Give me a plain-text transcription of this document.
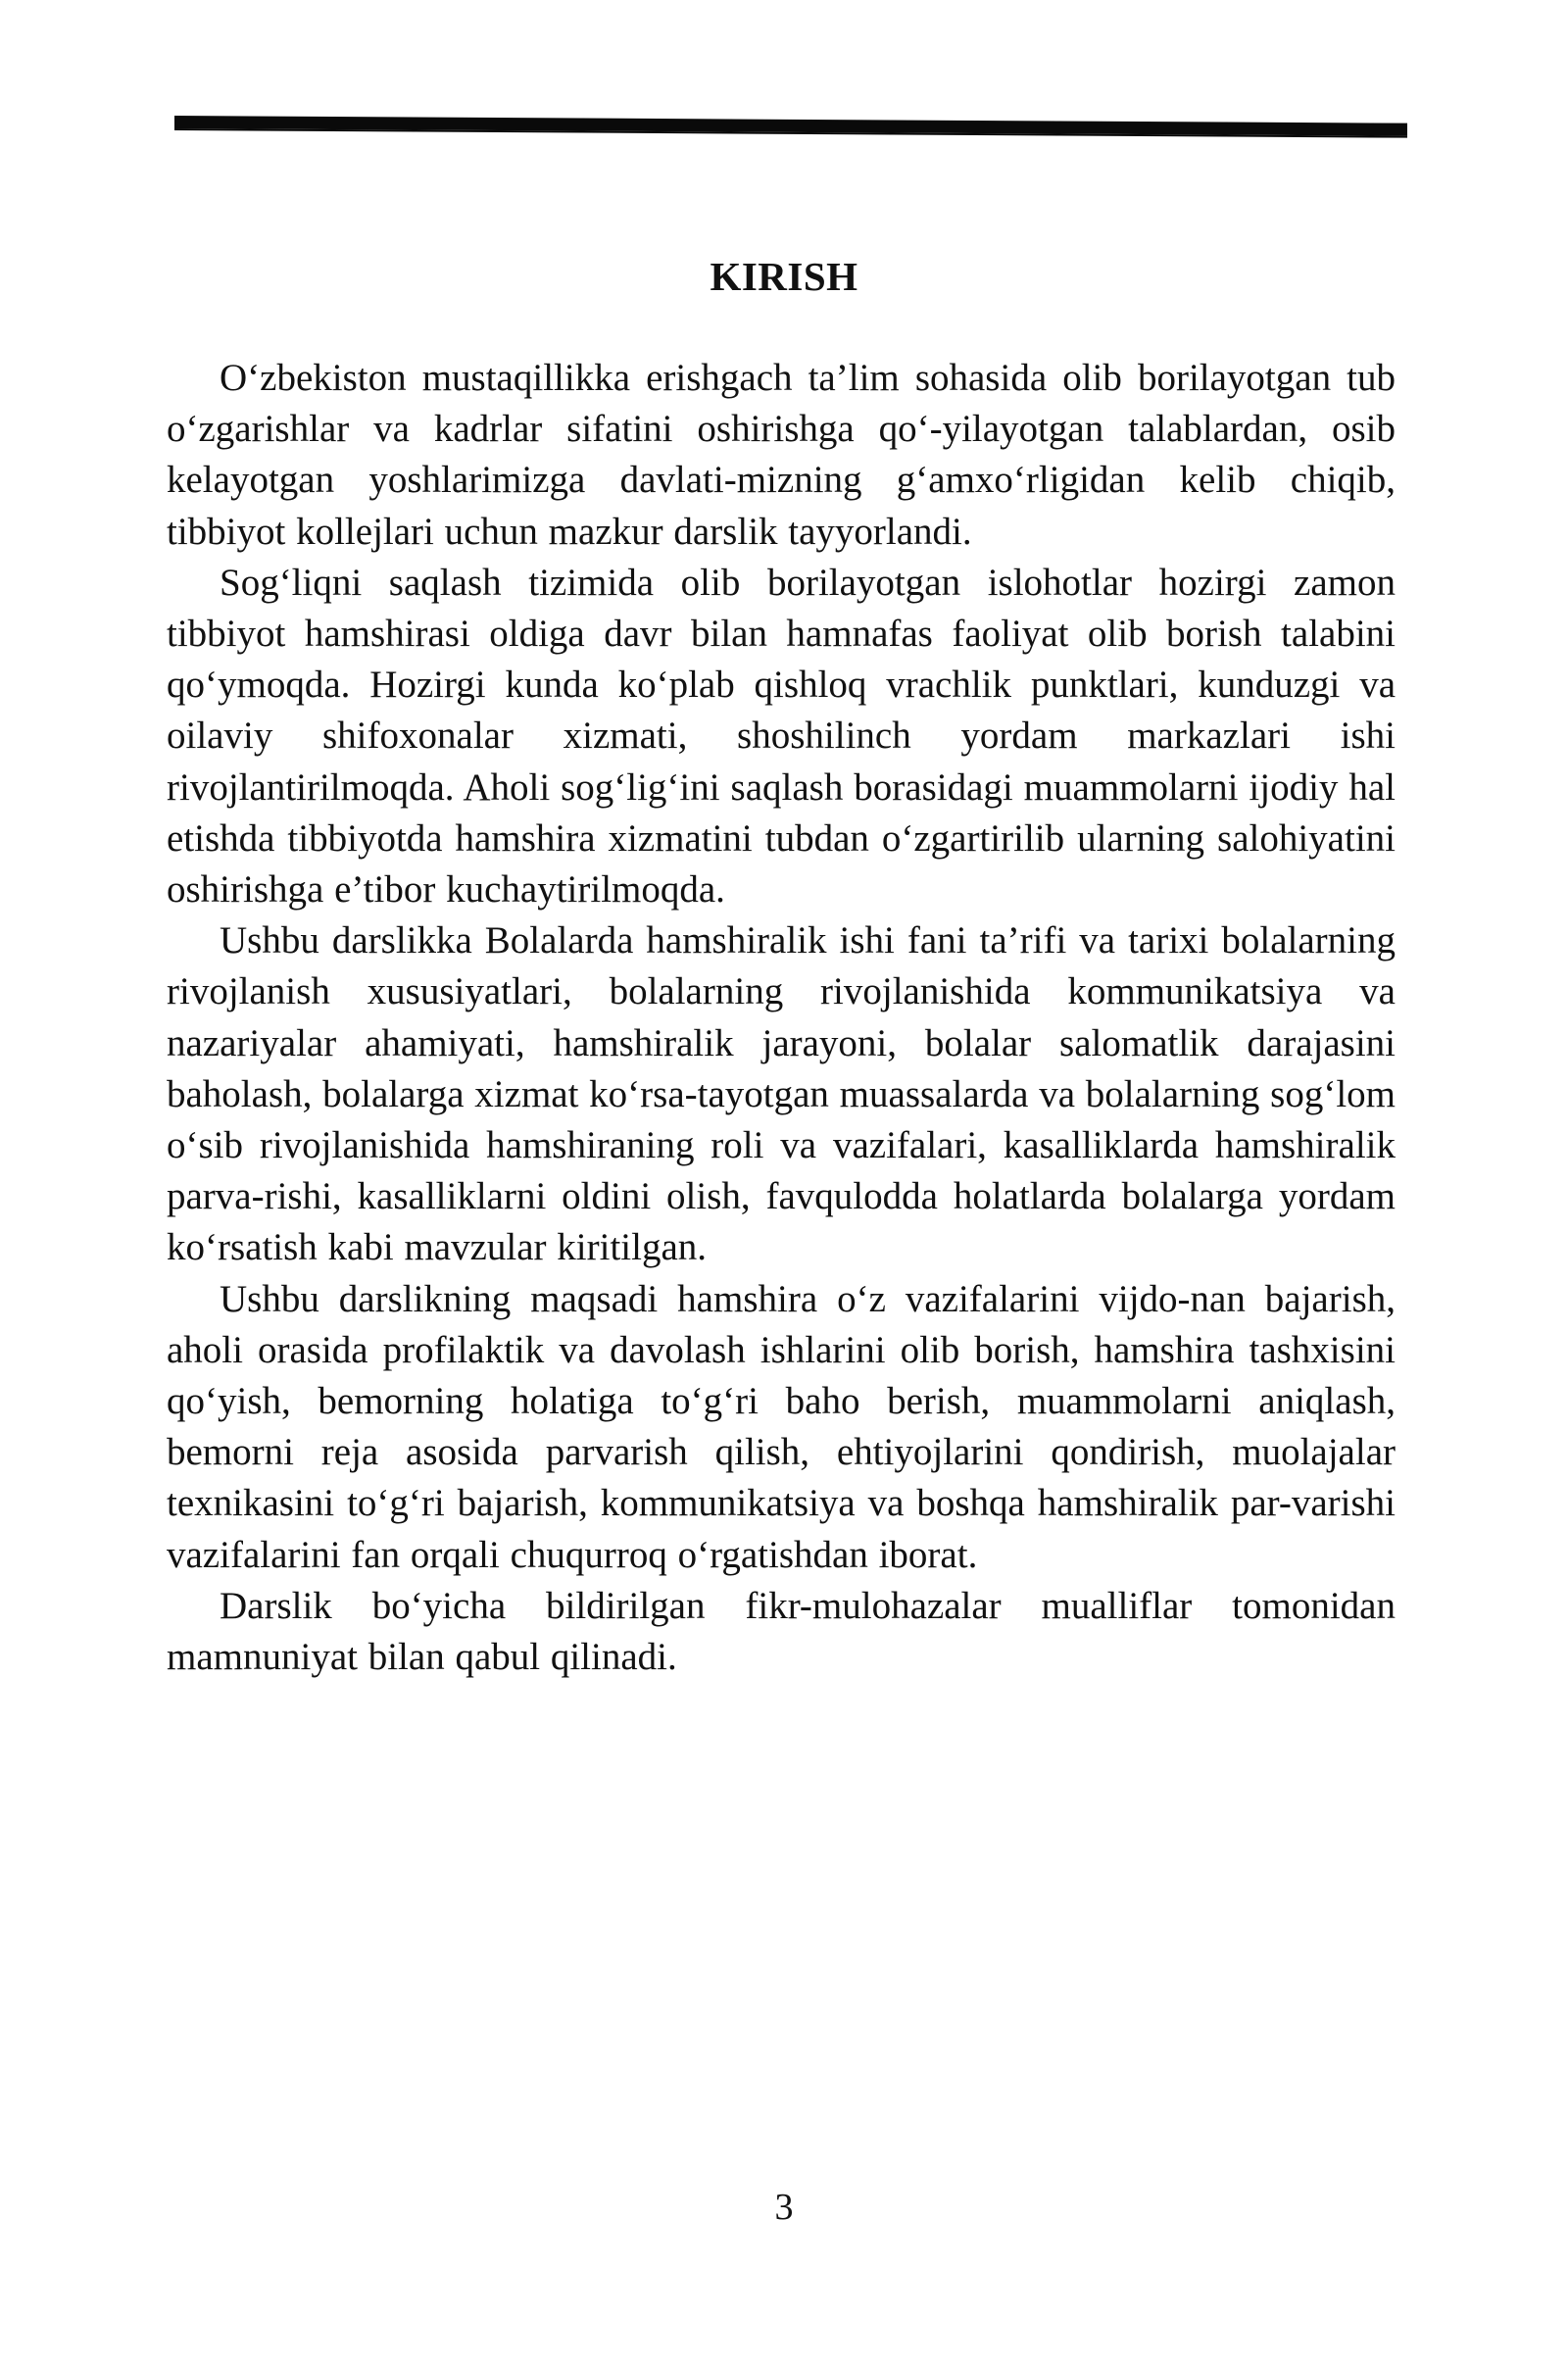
KIRISH

O‘zbekiston mustaqillikka erishgach ta’lim sohasida olib borilayotgan tub o‘zgarishlar va kadrlar sifatini oshirishga qo‘-yilayotgan talablardan, osib kelayotgan yoshlarimizga davlati-mizning g‘amxo‘rligidan kelib chiqib, tibbiyot kollejlari uchun mazkur darslik tayyorlandi.

Sog‘liqni saqlash tizimida olib borilayotgan islohotlar hozirgi zamon tibbiyot hamshirasi oldiga davr bilan hamnafas faoliyat olib borish talabini qo‘ymoqda. Hozirgi kunda ko‘plab qishloq vrachlik punktlari, kunduzgi va oilaviy shifoxonalar xizmati, shoshilinch yordam markazlari ishi rivojlantirilmoqda. Aholi sog‘lig‘ini saqlash borasidagi muammolarni ijodiy hal etishda tibbiyotda hamshira xizmatini tubdan o‘zgartirilib ularning salohiyatini oshirishga e’tibor kuchaytirilmoqda.

Ushbu darslikka Bolalarda hamshiralik ishi fani ta’rifi va tarixi bolalarning rivojlanish xususiyatlari, bolalarning rivojlanishida kommunikatsiya va nazariyalar ahamiyati, hamshiralik jarayoni, bolalar salomatlik darajasini baholash, bolalarga xizmat ko‘rsa-tayotgan muassalarda va bolalarning sog‘lom o‘sib rivojlanishida hamshiraning roli va vazifalari, kasalliklarda hamshiralik parva-rishi, kasalliklarni oldini olish, favqulodda holatlarda bolalarga yordam ko‘rsatish kabi mavzular kiritilgan.

Ushbu darslikning maqsadi hamshira o‘z vazifalarini vijdo-nan bajarish, aholi orasida profilaktik va davolash ishlarini olib borish, hamshira tashxisini qo‘yish, bemorning holatiga to‘g‘ri baho berish, muammolarni aniqlash, bemorni reja asosida parvarish qilish, ehtiyojlarini qondirish, muolajalar texnikasini to‘g‘ri bajarish, kommunikatsiya va boshqa hamshiralik par-varishi vazifalarini fan orqali chuqurroq o‘rgatishdan iborat.

Darslik bo‘yicha bildirilgan fikr-mulohazalar mualliflar tomonidan mamnuniyat bilan qabul qilinadi.

3
